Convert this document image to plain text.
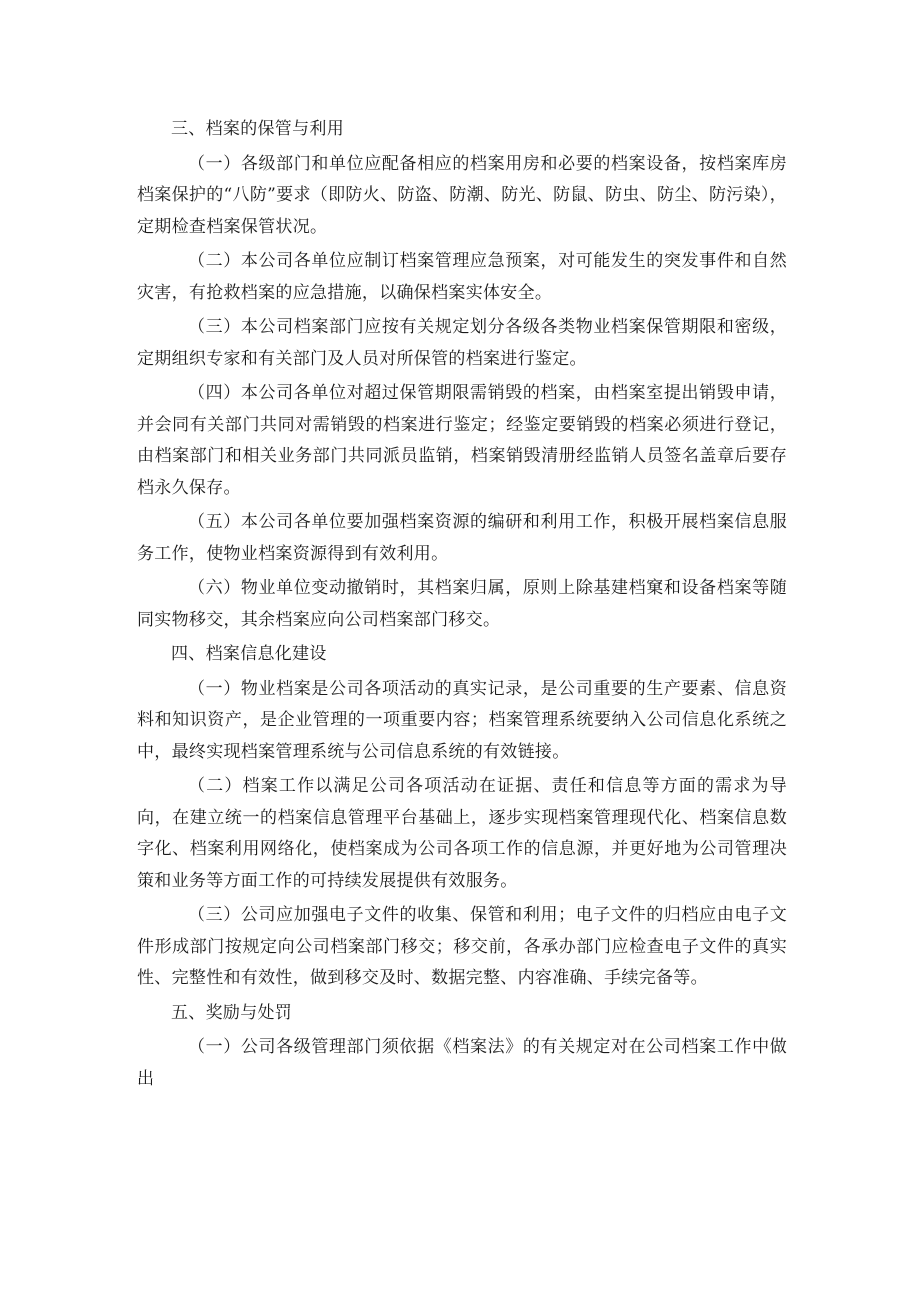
三、档案的保管与利用

（一）各级部门和单位应配备相应的档案用房和必要的档案设备，按档案库房档案保护的“八防”要求（即防火、防盗、防潮、防光、防鼠、防虫、防尘、防污染），定期检查档案保管状况。

（二）本公司各单位应制订档案管理应急预案，对可能发生的突发事件和自然灾害，有抢救档案的应急措施，以确保档案实体安全。

（三）本公司档案部门应按有关规定划分各级各类物业档案保管期限和密级，定期组织专家和有关部门及人员对所保管的档案进行鉴定。

（四）本公司各单位对超过保管期限需销毁的档案，由档案室提出销毁申请，并会同有关部门共同对需销毁的档案进行鉴定；经鉴定要销毁的档案必须进行登记，由档案部门和相关业务部门共同派员监销，档案销毁清册经监销人员签名盖章后要存档永久保存。

（五）本公司各单位要加强档案资源的编研和利用工作，积极开展档案信息服务工作，使物业档案资源得到有效利用。

（六）物业单位变动撤销时，其档案归属，原则上除基建档窠和设备档案等随同实物移交，其余档案应向公司档案部门移交。

四、档案信息化建设

（一）物业档案是公司各项活动的真实记录，是公司重要的生产要素、信息资料和知识资产，是企业管理的一项重要内容；档案管理系统要纳入公司信息化系统之中，最终实现档案管理系统与公司信息系统的有效链接。

（二）档案工作以满足公司各项活动在证据、责任和信息等方面的需求为导向，在建立统一的档案信息管理平台基础上，逐步实现档案管理现代化、档案信息数字化、档案利用网络化，使档案成为公司各项工作的信息源，并更好地为公司管理决策和业务等方面工作的可持续发展提供有效服务。

（三）公司应加强电子文件的收集、保管和利用；电子文件的归档应由电子文件形成部门按规定向公司档案部门移交；移交前，各承办部门应检查电子文件的真实性、完整性和有效性，做到移交及时、数据完整、内容准确、手续完备等。

五、奖励与处罚

（一）公司各级管理部门须依据《档案法》的有关规定对在公司档案工作中做出
